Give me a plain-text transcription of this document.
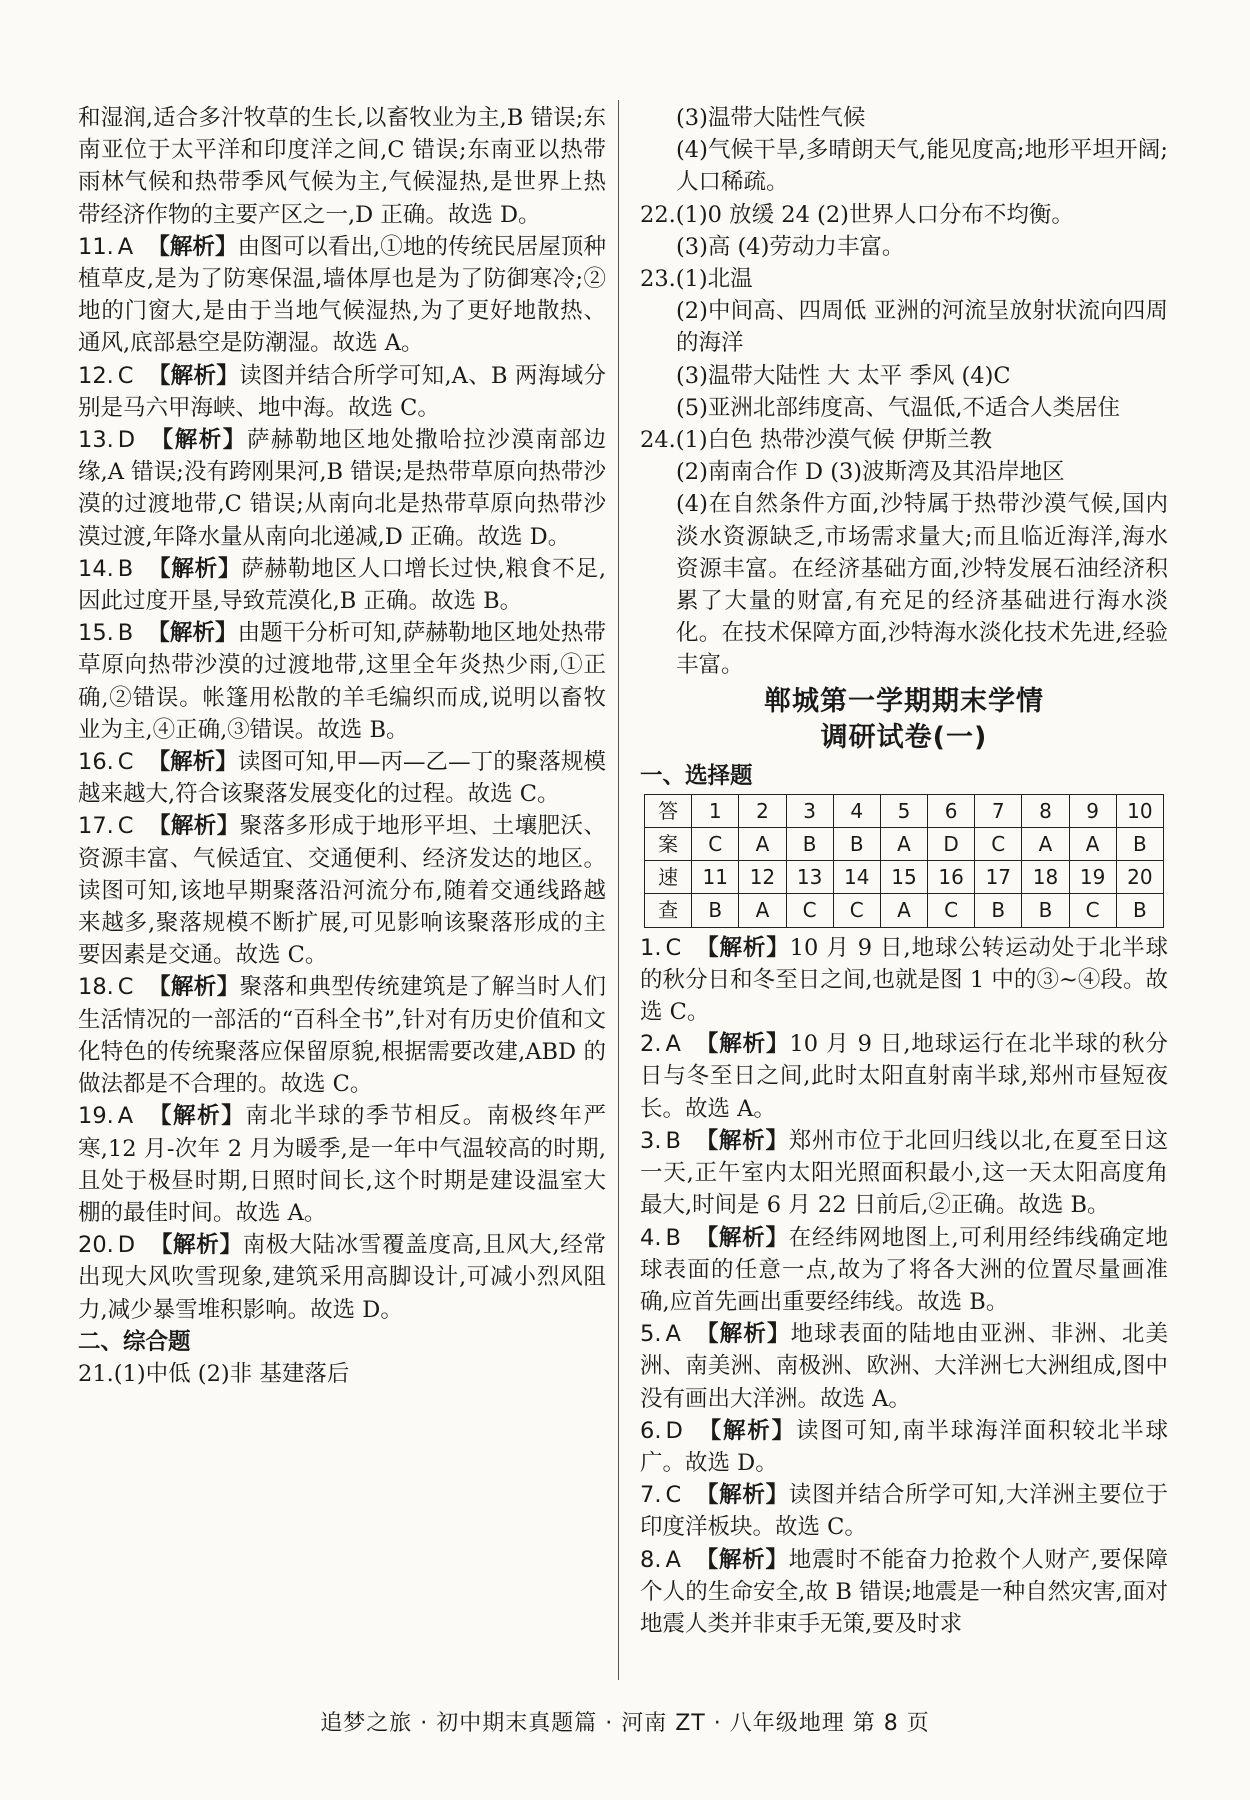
和湿润,适合多汁牧草的生长,以畜牧业为主,B 错误;东南亚位于太平洋和印度洋之间,C 错误;东南亚以热带雨林气候和热带季风气候为主,气候湿热,是世界上热带经济作物的主要产区之一,D 正确。故选 D。

11. A 【解析】由图可以看出,①地的传统民居屋顶种植草皮,是为了防寒保温,墙体厚也是为了防御寒冷;②地的门窗大,是由于当地气候湿热,为了更好地散热、通风,底部悬空是防潮湿。故选 A。

12. C 【解析】读图并结合所学可知,A、B 两海域分别是马六甲海峡、地中海。故选 C。

13. D 【解析】萨赫勒地区地处撒哈拉沙漠南部边缘,A 错误;没有跨刚果河,B 错误;是热带草原向热带沙漠的过渡地带,C 错误;从南向北是热带草原向热带沙漠过渡,年降水量从南向北递减,D 正确。故选 D。

14. B 【解析】萨赫勒地区人口增长过快,粮食不足,因此过度开垦,导致荒漠化,B 正确。故选 B。

15. B 【解析】由题干分析可知,萨赫勒地区地处热带草原向热带沙漠的过渡地带,这里全年炎热少雨,①正确,②错误。帐篷用松散的羊毛编织而成,说明以畜牧业为主,④正确,③错误。故选 B。

16. C 【解析】读图可知,甲—丙—乙—丁的聚落规模越来越大,符合该聚落发展变化的过程。故选 C。

17. C 【解析】聚落多形成于地形平坦、土壤肥沃、资源丰富、气候适宜、交通便利、经济发达的地区。读图可知,该地早期聚落沿河流分布,随着交通线路越来越多,聚落规模不断扩展,可见影响该聚落形成的主要因素是交通。故选 C。

18. C 【解析】聚落和典型传统建筑是了解当时人们生活情况的一部活的“百科全书”,针对有历史价值和文化特色的传统聚落应保留原貌,根据需要改建,ABD 的做法都是不合理的。故选 C。

19. A 【解析】南北半球的季节相反。南极终年严寒,12 月-次年 2 月为暖季,是一年中气温较高的时期,且处于极昼时期,日照时间长,这个时期是建设温室大棚的最佳时间。故选 A。

20. D 【解析】南极大陆冰雪覆盖度高,且风大,经常出现大风吹雪现象,建筑采用高脚设计,可减小烈风阻力,减少暴雪堆积影响。故选 D。

二、综合题

21.(1)中低 (2)非 基建落后

(3)温带大陆性气候

(4)气候干旱,多晴朗天气,能见度高;地形平坦开阔;人口稀疏。

22.(1)0 放缓 24 (2)世界人口分布不均衡。

(3)高 (4)劳动力丰富。

23.(1)北温

(2)中间高、四周低 亚洲的河流呈放射状流向四周的海洋

(3)温带大陆性 大 太平 季风 (4)C

(5)亚洲北部纬度高、气温低,不适合人类居住

24.(1)白色 热带沙漠气候 伊斯兰教

(2)南南合作 D (3)波斯湾及其沿岸地区

(4)在自然条件方面,沙特属于热带沙漠气候,国内淡水资源缺乏,市场需求量大;而且临近海洋,海水资源丰富。在经济基础方面,沙特发展石油经济积累了大量的财富,有充足的经济基础进行海水淡化。在技术保障方面,沙特海水淡化技术先进,经验丰富。

郸城第一学期期末学情
调研试卷(一)

一、选择题

答	1	2	3	4	5	6	7	8	9	10
案	C	A	B	B	A	D	C	A	A	B
速	11	12	13	14	15	16	17	18	19	20
查	B	A	C	C	A	C	B	B	C	B

1. C 【解析】10 月 9 日,地球公转运动处于北半球的秋分日和冬至日之间,也就是图 1 中的③~④段。故选 C。

2. A 【解析】10 月 9 日,地球运行在北半球的秋分日与冬至日之间,此时太阳直射南半球,郑州市昼短夜长。故选 A。

3. B 【解析】郑州市位于北回归线以北,在夏至日这一天,正午室内太阳光照面积最小,这一天太阳高度角最大,时间是 6 月 22 日前后,②正确。故选 B。

4. B 【解析】在经纬网地图上,可利用经纬线确定地球表面的任意一点,故为了将各大洲的位置尽量画准确,应首先画出重要经纬线。故选 B。

5. A 【解析】地球表面的陆地由亚洲、非洲、北美洲、南美洲、南极洲、欧洲、大洋洲七大洲组成,图中没有画出大洋洲。故选 A。

6. D 【解析】读图可知,南半球海洋面积较北半球广。故选 D。

7. C 【解析】读图并结合所学可知,大洋洲主要位于印度洋板块。故选 C。

8. A 【解析】地震时不能奋力抢救个人财产,要保障个人的生命安全,故 B 错误;地震是一种自然灾害,面对地震人类并非束手无策,要及时求

追梦之旅 · 初中期末真题篇 · 河南 ZT · 八年级地理 第 8 页
